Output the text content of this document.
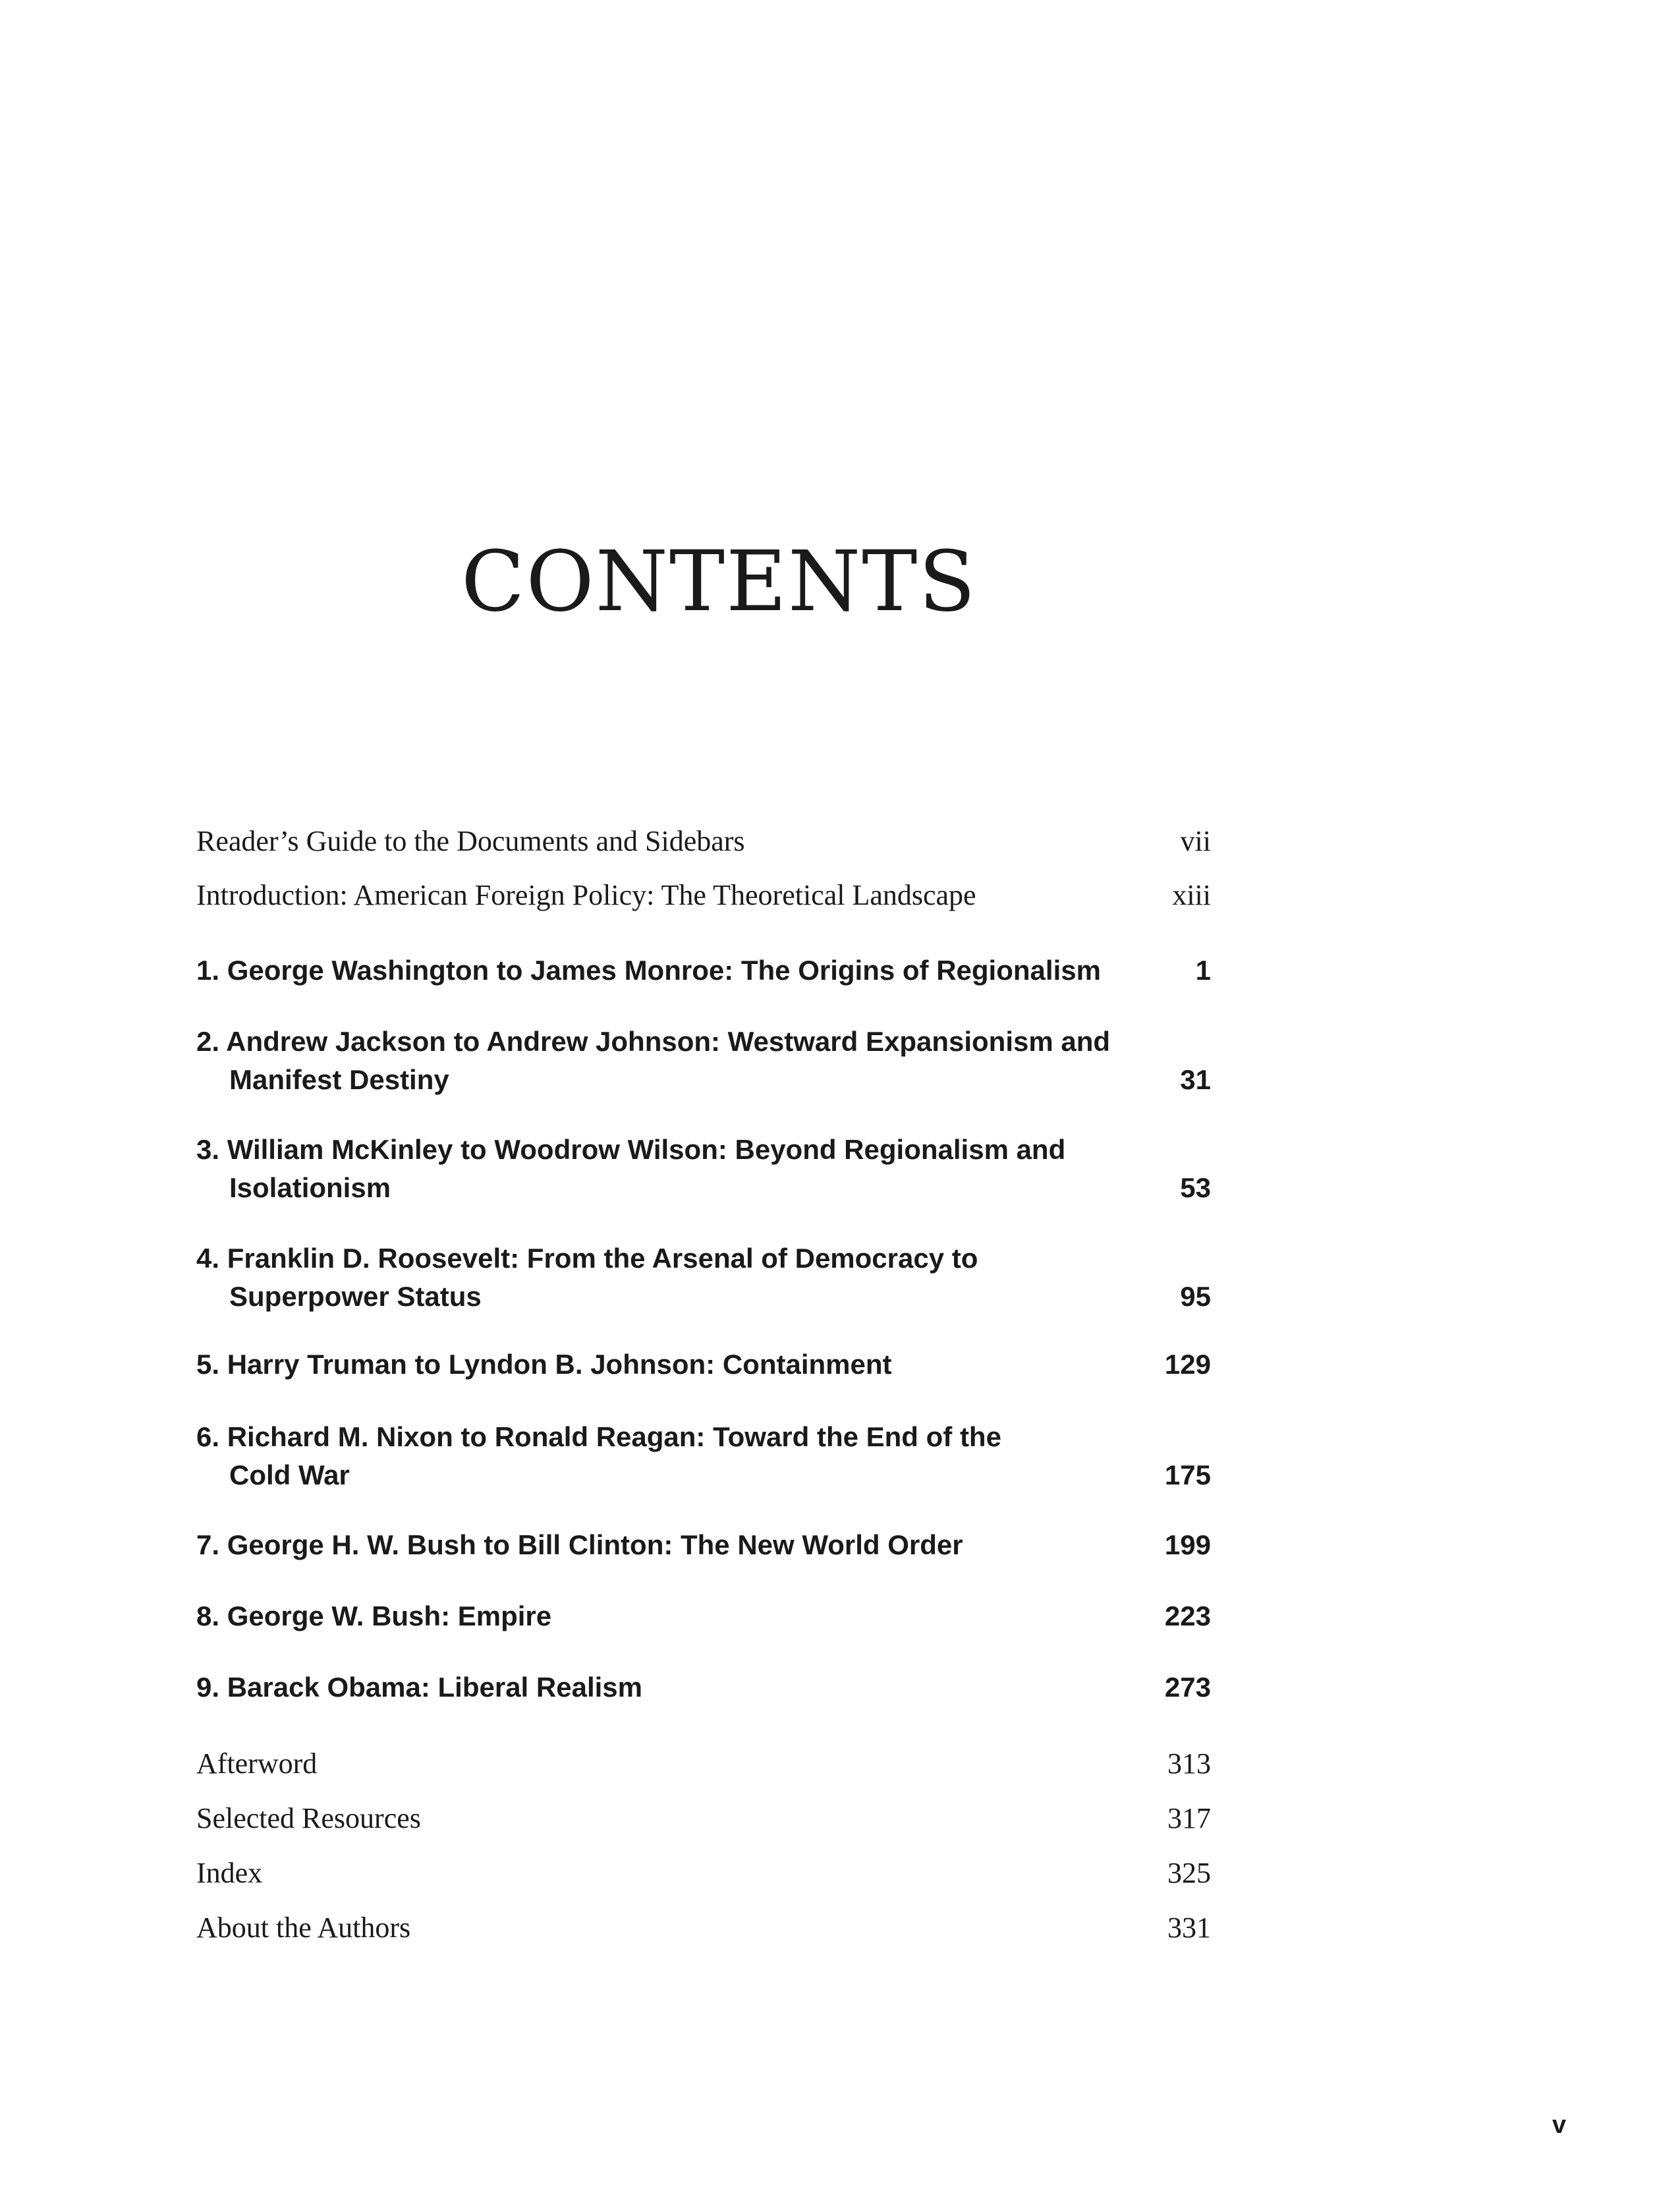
CONTENTS
Reader’s Guide to the Documents and Sidebars	vii
Introduction: American Foreign Policy: The Theoretical Landscape	xiii
1. George Washington to James Monroe: The Origins of Regionalism	1
2. Andrew Jackson to Andrew Johnson: Westward Expansionism and
Manifest Destiny	31
3. William McKinley to Woodrow Wilson: Beyond Regionalism and
Isolationism	53
4. Franklin D. Roosevelt: From the Arsenal of Democracy to
Superpower Status	95
5. Harry Truman to Lyndon B. Johnson: Containment	129
6. Richard M. Nixon to Ronald Reagan: Toward the End of the
Cold War	175
7. George H. W. Bush to Bill Clinton: The New World Order	199
8. George W. Bush: Empire	223
9. Barack Obama: Liberal Realism	273
Afterword	313
Selected Resources	317
Index	325
About the Authors	331
v
